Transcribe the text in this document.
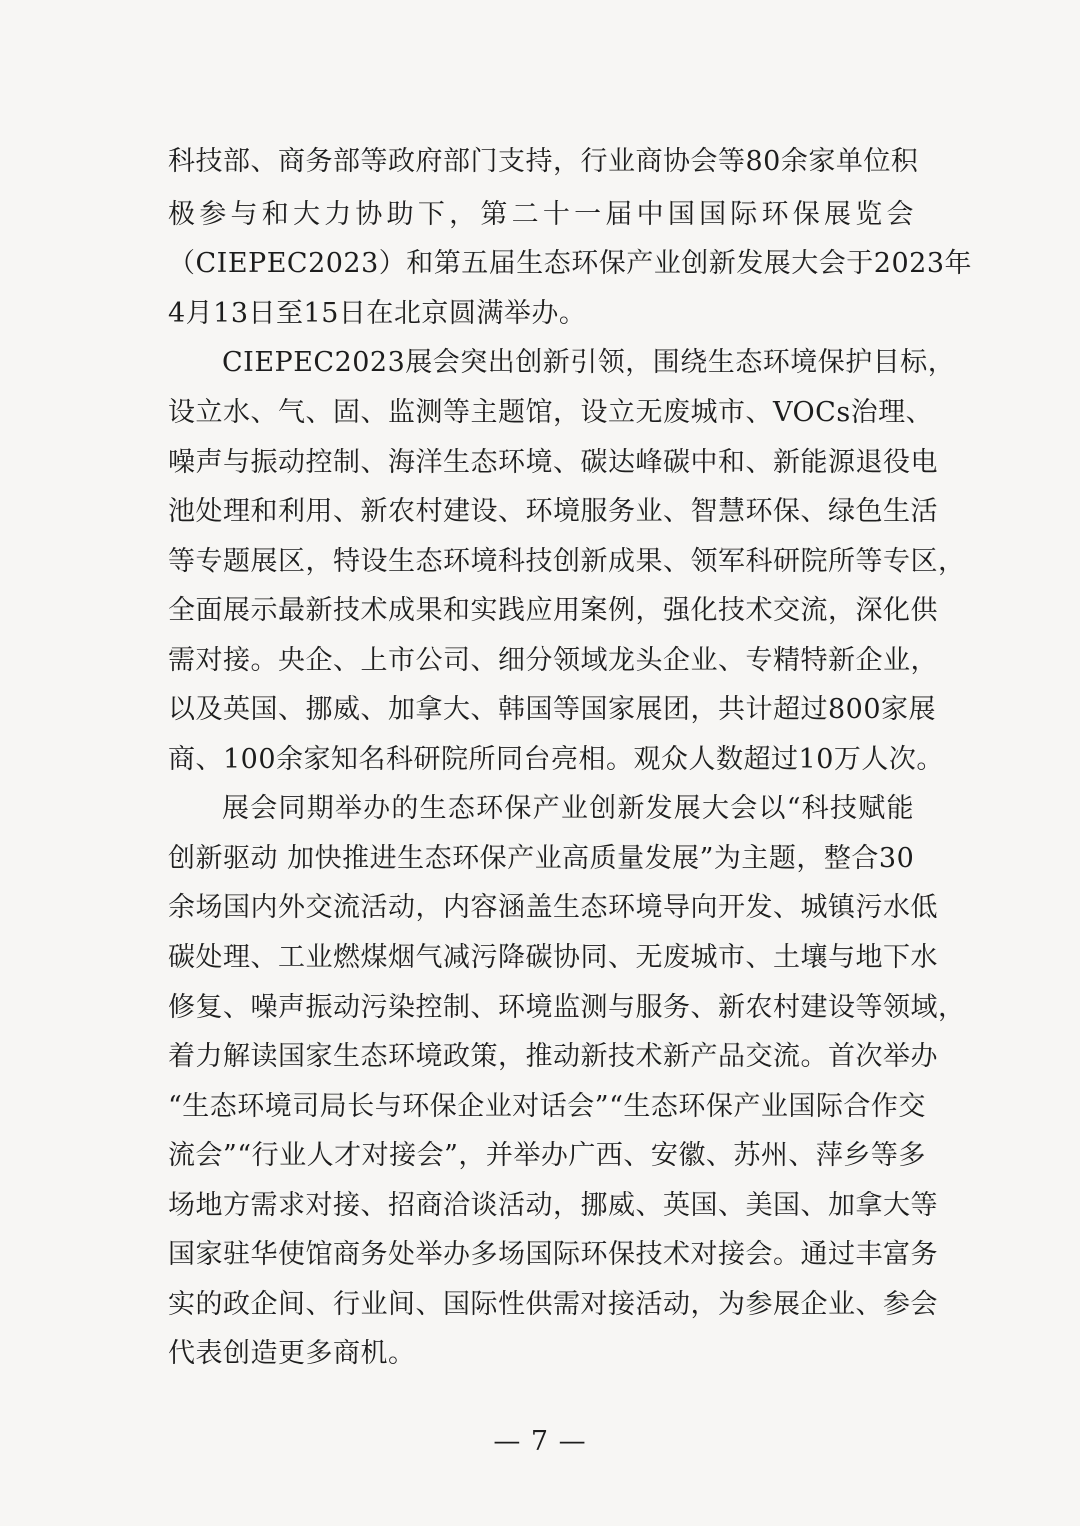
科技部、商务部等政府部门支持，行业商协会等80余家单位积
极参与和大力协助下，第二十一届中国国际环保展览会
（CIEPEC2023）和第五届生态环保产业创新发展大会于2023年
4月13日至15日在北京圆满举办。
CIEPEC2023展会突出创新引领，围绕生态环境保护目标，
设立水、气、固、监测等主题馆，设立无废城市、VOCs治理、
噪声与振动控制、海洋生态环境、碳达峰碳中和、新能源退役电
池处理和利用、新农村建设、环境服务业、智慧环保、绿色生活
等专题展区，特设生态环境科技创新成果、领军科研院所等专区，
全面展示最新技术成果和实践应用案例，强化技术交流，深化供
需对接。央企、上市公司、细分领域龙头企业、专精特新企业，
以及英国、挪威、加拿大、韩国等国家展团，共计超过800家展
商、100余家知名科研院所同台亮相。观众人数超过10万人次。
展会同期举办的生态环保产业创新发展大会以“科技赋能
创新驱动 加快推进生态环保产业高质量发展”为主题，整合30
余场国内外交流活动，内容涵盖生态环境导向开发、城镇污水低
碳处理、工业燃煤烟气减污降碳协同、无废城市、土壤与地下水
修复、噪声振动污染控制、环境监测与服务、新农村建设等领域，
着力解读国家生态环境政策，推动新技术新产品交流。首次举办
“生态环境司局长与环保企业对话会”“生态环保产业国际合作交
流会”“行业人才对接会”，并举办广西、安徽、苏州、萍乡等多
场地方需求对接、招商洽谈活动，挪威、英国、美国、加拿大等
国家驻华使馆商务处举办多场国际环保技术对接会。通过丰富务
实的政企间、行业间、国际性供需对接活动，为参展企业、参会
代表创造更多商机。
— 7 —
